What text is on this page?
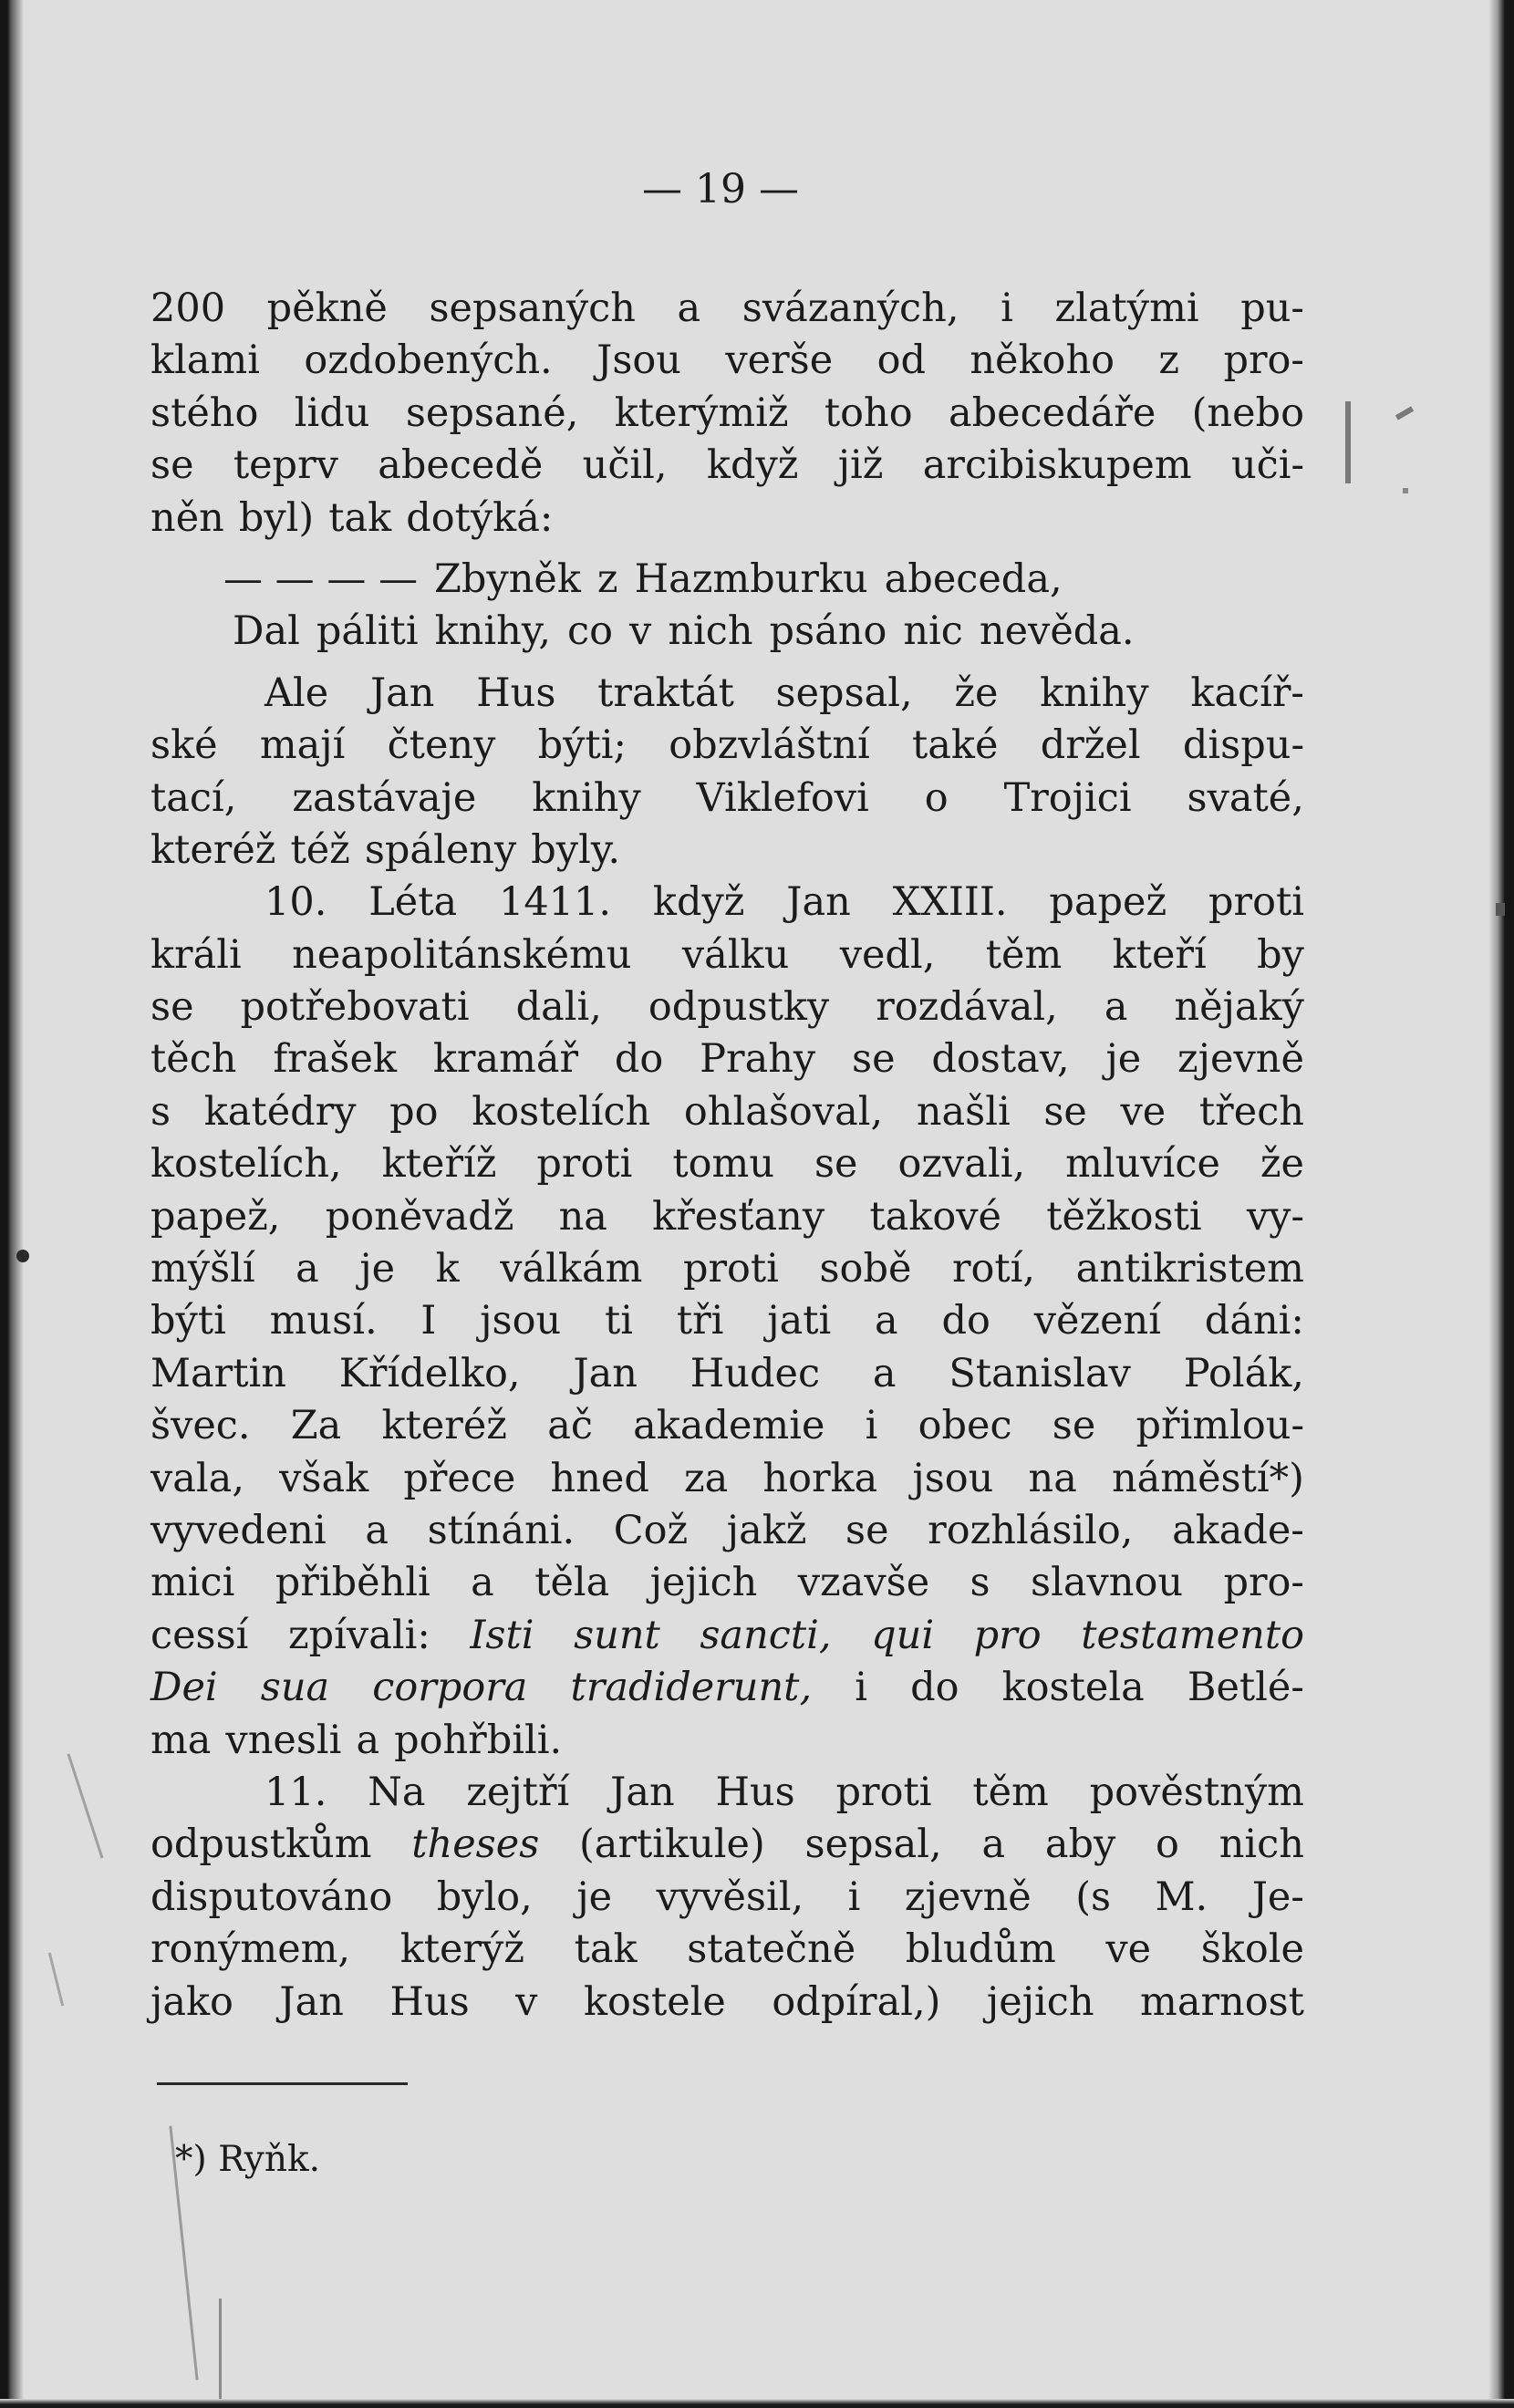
— 19 —

200 pěkně sepsaných a svázaných, i zlatými pu-
klami ozdobených. Jsou verše od někoho z pro-
stého lidu sepsané, kterýmiž toho abecedáře (nebo
se teprv abecedě učil, když již arcibiskupem uči-
něn byl) tak dotýká:
— — — — Zbyněk z Hazmburku abeceda,
Dal páliti knihy, co v nich psáno nic nevěda.
Ale Jan Hus traktát sepsal, že knihy kacíř-
ské mají čteny býti; obzvláštní také držel dispu-
tací, zastávaje knihy Viklefovi o Trojici svaté,
kteréž též spáleny byly.
10. Léta 1411. když Jan XXIII. papež proti
králi neapolitánskému válku vedl, těm kteří by
se potřebovati dali, odpustky rozdával, a nějaký
těch frašek kramář do Prahy se dostav, je zjevně
s katédry po kostelích ohlašoval, našli se ve třech
kostelích, kteříž proti tomu se ozvali, mluvíce že
papež, poněvadž na křesťany takové těžkosti vy-
mýšlí a je k válkám proti sobě rotí, antikristem
býti musí. I jsou ti tři jati a do vězení dáni:
Martin Křídelko, Jan Hudec a Stanislav Polák,
švec. Za kteréž ač akademie i obec se přimlou-
vala, však přece hned za horka jsou na náměstí*)
vyvedeni a stínáni. Což jakž se rozhlásilo, akade-
mici přiběhli a těla jejich vzavše s slavnou pro-
cessí zpívali: Isti sunt sancti, qui pro testamento
Dei sua corpora tradiderunt, i do kostela Betlé-
ma vnesli a pohřbili.
11. Na zejtří Jan Hus proti těm pověstným
odpustkům theses (artikule) sepsal, a aby o nich
disputováno bylo, je vyvěsil, i zjevně (s M. Je-
ronýmem, kterýž tak statečně bludům ve škole
jako Jan Hus v kostele odpíral,) jejich marnost

*) Ryňk.
